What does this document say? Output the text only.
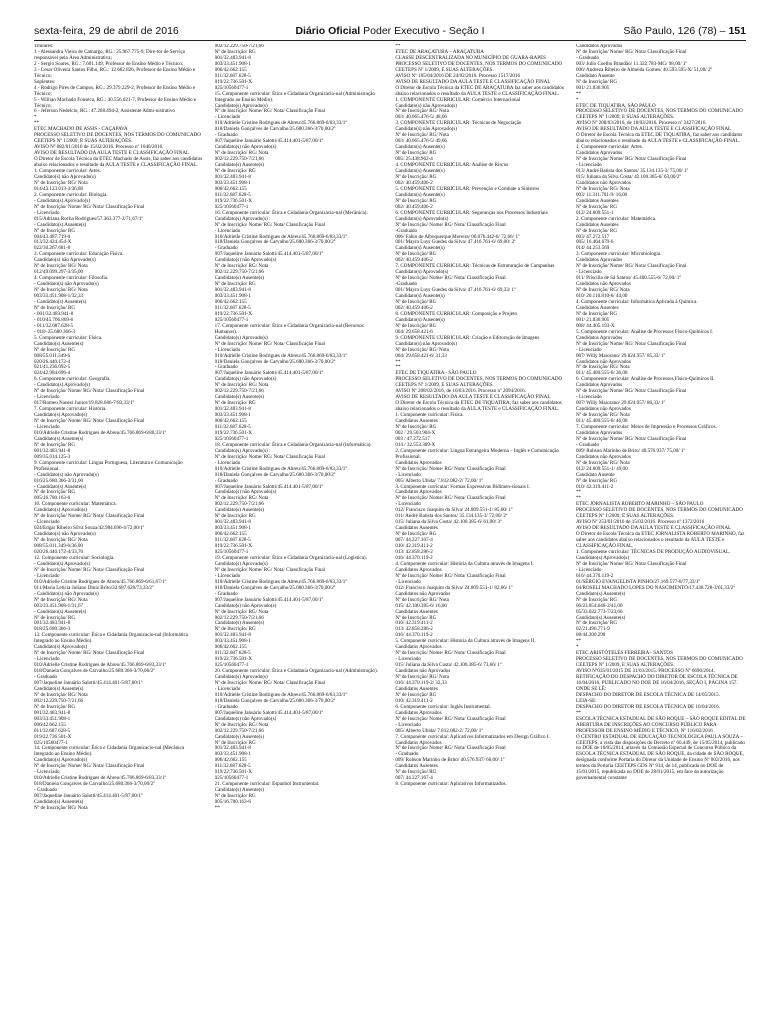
sexta-feira, 29 de abril de 2016	Diário Oficial Poder Executivo - Seção I	São Paulo, 126 (78) – 151
Titulares:
1 - Alessandra Vieira de Camargo, RG.: 25.967.775-9, Dire-tor de Serviço responsável pela Área Administrativa;
2 - Sergio Soares, RG.: 7.601.149, Professor de Ensino Médio e Técnico;
3 - Cesar Oliveira Santos Filho, RG.: 12.682.826, Professor de Ensino Médio e Técnico;
Suplentes:
4 - Rodrigo Pires de Campos, RG.: 29.379.229-2, Professor de Ensino Médio e Técnico;
5 - Willian Machado Fonseca, RG.: 40.556.021-7, Professor de Ensino Médio e Técnico;
6 - Jeferson Nedelciu, RG.: 47.268.494-2, Assistente Admi-nistrativo
*
**
ETEC MACHADO DE ASSIS - CAÇAPAVA
PROCESSO SELETIVO DE DOCENTES, NOS TERMOS DO COMUNICADO CEETEPS Nº 1/2009, E SUAS ALTERAÇÕES.
AVISO Nº 082/01/2016 de 15/02/2016. Processo nº 1040/2016.
AVISO DE RESULTADO DA AULA TESTE E CLASSIFICAÇÃO FINAL
O Diretor de Escola Técnica da ETEC Machado de Assis, faz saber aos candidatos abaixo relacionados o resultado da AULA TESTE e CLASSIFICAÇÃO FINAL.
1. Componente curricular: Artes.
Candidato(s) não Aprovado(s)
Nº de Inscrição/ RG/ Nota
014/43.123.013-3/36,86
2. Componente curricular: Biologia.
- Candidato(s) Aprovado(s)
Nº de Inscrição/ Nome/ RG/ Nota/ Classificação Final
- Licenciado
015/Adriana Rocha Rodrigues/57.363.377-2/71,67/1º
- Candidato(s) Ausente(s)
Nº de Inscrição/ RG
004/43.487.719-0
013/32.424.454-X
022/30.267.681-8
3. Componente curricular: Educação Física.
Candidato(s) não Aprovado(s)
Nº de Inscrição/ RG/ Nota
012/49.099.297-3/35,00
4. Componente curricular: Filosofia.
- Candidato(s) não Aprovado(s)
Nº de Inscrição/ RG/ Nota
003/33.451.908-1/32,33
- Candidato(s) Ausente(s)
Nº de Inscrição/ RG
- 001/32.483.941-8
- 010/45.766.869-6
- 011/32.687.628-5
- 018/-25.680.366-3
5. Componente curricular: Física.
Candidato(s) Ausente(s)
Nº de Inscrição/ RG
008/55.011.349-6
020/26.440.172-4
021/41.236.092-5
024/42.984.696-4
6. Componente curricular: Geografia.
- Candidato(s) Aprovado(s)
Nº de Inscrição/ Nome/ RG/ Nota/ Classificação Final
- Licenciado
017/Romeu Nanesi Junior/19.828.686-7/83,33/1º
7. Componente curricular: História.
Candidato(s) Aprovado(s)
Nº de Inscrição/ Nome/ RG/ Nota/ Classificação Final
- Licenciado
010/Adrielle Cristine Rodrigues de Abreu/45.766.869-6/86,33/1º
Candidato(s) Ausente(s)
Nº de Inscrição/ RG
001/32.483.941-8
009/35.014.125-3
9. Componente curricular: Língua Portuguesa, Literatura e Comunicação Profissional.
- Candidato(s) não Aprovado(s)
016/25.680.366-3/31,00
- Candidato(s) Ausente(s)
Nº de Inscrição/ RG
005/16.780.163-6
10. Componente curricular: Matemática.
Candidato(s) Aprovado(s)
Nº de Inscrição/ Nome/ RG/ Nota/ Classificação Final
- Licenciado
024/Edgar Ribeiro Silva Souza/42.984.696-4/72,00/1º
Candidato(s) não Aprovado(s)
Nº de Inscrição/ RG/ Nota
008/55.011.349-6/36,00
020/26.440.172-4/33,70
12. Componente curricular: Sociologia.
- Candidato(s) Aprovado(s)
Nº de Inscrição/ Nome/ RG/ Nota/ Classificação Final
- Licenciado
010/Adrielle Cristine Rodrigues de Abreu/45.766.869-6/61,67/1º
011/Maria Leticia Juliano Diniz Brito/32.687.628/73,33/2º
- Candidato(s) não Aprovado(s)
Nº de Inscrição/ RG/ Nota
003/33.451.908-1/31,67
- Candidato(s) Ausente(s)
Nº de Inscrição/ RG
001/32.483.941-8
018/25.680.366-3
13. Componente curricular: Ética e Cidadania Organizacio-nal (Informática Integrado ao Ensino Médio).
Candidato(s) Aprovado(s)
Nº de Inscrição/ Nome/ RG/ Nota/ Classificação Final
- Licenciado
010/Adrielle Cristine Rodrigues de Abreu/45.766.869-6/83,33/1º
018/Daniela Gonçalves de Carvalho/25.680.366-3/70,00/2º
- Graduado
007/Jaqueline Januário Salotti/45.414.401-5/87,00/1º
Candidato(s) Ausente(s)
Nº de Inscrição/ RG/ Nota
002/12.229.750-7/21,66
Nº de Inscrição/ RG
001/32.483.941-8
003/33.451.908-1
006/42.662.155
011/32.687.628-5
019/22.736.501-X
025/10560477-1
14. Componente curricular: Ética e Cidadania Organizacio-nal (Mecânica Integrado ao Ensino Médio).
Candidato(s) Aprovado(s)
Nº de Inscrição/ Nome/ RG/ Nota/ Classificação Final
- Licenciado
010/Adrielle Cristine Rodrigues de Abreu/45.766.869-6/83,33/1º
018/Daniela Gonçalves de Carvalho/25.680.366-3/70,00/2º
- Graduado
007/Jaqueline Januário Salotti/45.414.401-5/87,00/1º
Candidato(s) Ausente(s)
Nº de Inscrição/ RG/ Nota
002/12.229.750-7/21,66
Nº de Inscrição/ RG
001/32.483.941-8
003/33.451.908-1
006/42.662.155
011/32.687.628-5
019/22.736.501-X
025/10560477-1
15. Componente curricular: Ética e Cidadania Organizacio-nal (Administração Integrado ao Ensino Médio).
Candidato(s) Aprovado(s)
Nº de Inscrição/ Nome/ RG/ Nota/ Classificação Final
- Licenciado
010/Adrielle Cristine Rodrigues de Abreu/45.766.869-6/83,33/1º
018/Daniela Gonçalves de Carvalho/25.680.366-3/70,00/2º
- Graduado
007/Jaqueline Januário Salotti/45.414.401-5/87,00/1º
Candidato(s) não Aprovado(s)
Nº de Inscrição/ RG/ Nota
002/12.229.750-7/21,66
Candidato(s) Ausente(s)
Nº de Inscrição/ RG
001/32.483.941-8
003/33.451.908-1
006/42.662.155
011/32.687.628-5
019/22.736.501-X
025/10560477-1
16. Componente curricular: Ética e Cidadania Organizacio-nal (Mecânica).
Candidato(s) Aprovado(s)
Nº de Inscrição/ Nome/ RG/ Nota/ Classificação Final
- Licenciado
010/Adrielle Cristine Rodrigues de Abreu/45.766.869-6/83,33/1º
018/Daniela Gonçalves de Carvalho/25.680.366-3/70,00/2º
- Graduado
007/Jaqueline Januário Salotti/45.414.401-5/87,00/1º
Candidato(s) não Aprovado(s)
Nº de Inscrição/ RG/ Nota
002/12.229.750-7/21,66
Candidato(s) Ausente(s)
Nº de Inscrição/ RG
001/32.483.941-8
003/33.451.908-1
006/42.662.155
011/32.687.628-5
019/22.736.501-X
025/10560477-1
17. Componente curricular: Ética e Cidadania Organizacio-nal (Recursos Humanos).
Candidato(s) Aprovado(s)
Nº de Inscrição/ Nome/ RG/ Nota/ Classificação Final
- Licenciado
010/Adrielle Cristine Rodrigues de Abreu/45.766.869-6/83,33/1º
018/Daniela Gonçalves de Carvalho/25.680.366-3/70,00/2º
- Graduado
007/Jaqueline Januário Salotti/45.414.401-5/87,00/1º
Candidato(s) não Aprovado(s)
Nº de Inscrição/ RG/ Nota
002/12.229.750-7/21,66
Candidato(s) Ausente(s)
Nº de Inscrição/ RG
001/32.483.941-8
003/33.451.908-1
006/42.662.155
011/32.687.628-5
019/22.736.501-X
025/10560477-1
18. Componente curricular: Ética e Cidadania Organizacio-nal (Informática).
Candidato(s) Aprovado(s)
Nº de Inscrição/ Nome/ RG/ Nota/ Classificação Final
- Licenciado
010/Adrielle Cristine Rodrigues de Abreu/45.766.869-6/83,33/1º
018/Daniela Gonçalves de Carvalho/25.680.366-3/70,00/2º
- Graduado
007/Jaqueline Januário Salotti/45.414.401-5/87,00/1º
Candidato(s) não Aprovado(s)
Nº de Inscrição/ RG/ Nota
002/12.229.750-7/21,66
Candidato(s) Ausente(s)
Nº de Inscrição/ RG
001/32.483.941-8
003/33.451.908-1
006/42.662.155
011/32.687.628-5
019/22.736.501-X
025/10560477-1
19. Componente curricular: Ética e Cidadania Organizacio-nal (Logística).
Candidato(s) Aprovado(s)
Nº de Inscrição/ Nome/ RG/ Nota/ Classificação Final
- Licenciado
010/Adrielle Cristine Rodrigues de Abreu/45.766.869-6/83,33/1º
018/Daniela Gonçalves de Carvalho/25.680.366-3/70,00/2º
- Graduado
007/Jaqueline Januário Salotti/45.414.401-5/87,00/1º
Candidato(s) não Aprovado(s)
Nº de Inscrição/ RG/ Nota
002/12.229.750-7/21,66
Candidato(s) Ausente(s)
Nº de Inscrição/ RG
001/32.483.941-8
003/33.451.908-1
006/42.662.155
011/32.687.628-5
019/22.736.501-X
025/10560477-1
20. Componente curricular: Ética e Cidadania Organizacio-nal (Administração).
Candidato(s) Aprovado(s)
Nº de Inscrição/ Nome/ RG/ Nota/ Classificação Final
- Licenciado
010/Adrielle Cristine Rodrigues de Abreu/45.766.869-6/83,33/1º
018/Daniela Gonçalves de Carvalho/25.680.366-3/70,00/2º
- Graduado
007/Jaqueline Januário Salotti/45.414.401-5/87,00/1º
Candidato(s) não Aprovado(s)
Nº de Inscrição/ RG/ Nota
002/12.229.750-7/21,66
Candidato(s) Ausente(s)
Nº de Inscrição/ RG
001/32.483.941-8
003/33.451.908-1
006/42.662.155
011/32.687.628-5
019/22.736.501-X
025/10560477-1
21. Componente curricular: Espanhol Instrumental.
Candidato(s) Ausente(s)
Nº de Inscrição/ RG
005/16.780.163-6
**
**
ETEC DE ARAÇATUBA – ARAÇATUBA
CLASSE DESCENTRALIZADA NO MUNICÍPIO DE GUARA-RAPES
PROCESSO SELETIVO DE DOCENTES, NOS TERMOS DO COMUNICADO CEETEPS Nº 1/2009, E SUAS ALTERAÇÕES.
AVISO Nº 185/04/2016 DE 24/02/2016. Processo 1517/2016
AVISO DE RESULTADO DA AULA TESTE E CLASSIFICAÇÃO FINAL
O Diretor de Escola Técnica da ETEC DE ARAÇATUBA faz saber aos candidatos abaixo relacionados o resultado da AULA TESTE e CLASSIFICAÇÃO FINAL.
1. COMPONENTE CURRICULAR: Comércio Internacional
Candidato(s) não Aprovado(s)
Nº de Inscrição/ RG/ Nota
003/ 40.665.476-5/ 48,66
3. COMPONENTE CURRICULAR: Técnicas de Negociação
Candidato(s) não Aprovado(s)
Nº de Inscrição/ RG/ Nota
003/ 40.665.476-5/ 49,66
Candidato(s) Ausente(s)
Nº de Inscrição/ RG
005/ 25.438.962-4
4. COMPONENTE CURRICULAR: Análise de Riscos
Candidato(s) Ausente(s)
Nº de Inscrição/ RG
002/ 40.459.406-2
5. COMPONENTE CURRICULAR: Prevenção e Combate a Sinistros
Candidato(s) Ausente(s)
Nº de Inscrição/ RG
002/ 40.459.406-2
6. COMPONENTE CURRICULAR: Seguranças nos Processos Industriais
Candidato(s) Aprovado(s)
Nº de Inscrição/ Nome/ RG/ Nota/ Classificação Final
-Graduado
006/ Fabio de Albuquerque Moreira/ 00.076.442-6/ 72,66/ 1º
001/ Mayra Luys Guedes da Silva/ 47.416.761-6/ 69,00/ 2º
Candidato(s) Ausente(s)
Nº de Inscrição/ RG
002/ 40.459.406-2
7. COMPONENTE CURRICULAR: Técnicas de Estruturação de Campanhas
Candidato(s) Aprovado(s)
Nº de Inscrição/ Nome/ RG/ Nota/ Classificação Final
-Graduado
001/ Mayra Luys Guedes da Silva/ 47.416.761-6/ 69,33/ 1º
Candidato(s) Ausente(s)
Nº de Inscrição/ RG
002/ 40.459.406-2
8. COMPONENTE CURRICULAR: Composição e Projeto
Candidato(s) Ausente(s)
Nº de Inscrição/ RG
004/ 29.658.421-6
9. COMPONENTE CURRICULAR: Criação e Editoração de Imagens
Candidato(s) não Aprovado(s)
Nº de Inscrição/ RG/ Nota
004/ 29.658.421-6/ 31,33
**
**
ETEC DE TIQUATIRA - SÃO PAULO
PROCESSO SELETIVO DE DOCENTES, NOS TERMOS DO COMUNICADO CEETEPS Nº 1/2009, E SUAS ALTERAÇÕES.
AVISO Nº 208/02/2016, de 16/03/2016. Processo nº 2094/2016.
AVISO DE RESULTADO DA AULA TESTE E CLASSIFICAÇÃO FINAL
O Diretor de Escola Técnica da ETEC DE TIQUATIRA, faz saber aos candidatos abaixo relacionados o resultado da AULA TESTE e CLASSIFICAÇÃO FINAL.
1. Componente curricular: Física.
Candidatos Ausentes
Nº de Inscrição/ RG
002 / 29.503.904-X
003 / 47.272.517
014 / 32.553.309-X
2. Componente curricular: Língua Estrangeira Moderna – Inglês e Comunicação Profissional.
Candidatos Aprovados
Nº de Inscrição/ Nome/ RG/ Nota/ Classificação Final
- Licenciado
005/ Alberto Ubida/ 7.812.082-2/ 72,00/ 1º
3. Componente curricular: Formas Expressivas Bidimen-sionais I.
Candidatos Aprovados
Nº de Inscrição/ Nome/ RG/ Nota/ Classificação Final
- Licenciado
012/ Francisco Joaquim da Silva/ 24.809.551-1/ 85,00/ 1º
011/ André Batista dos Santos/ 35.134.135-3/ 72,00/ 2º
015/ Juliana da Silva Costa/ 42.100.385-6/ 61,00/ 3º
Candidatos Ausentes
Nº de Inscrição/ RG
007/ 44.227.107-4
010/ 42.319.411-2
013/ 42.858.286-2
016/ 44.370.119-2
4. Componente curricular: História da Cultura através de Imagens I.
Candidatos Aprovados
Nº de Inscrição/ Nome/ RG/ Nota/ Classificação Final
- Licenciado
012/ Francisco Joaquim da Silva/ 24.809.551-1/ 82,66/ 1º
Candidatos não Aprovados
Nº de Inscrição/ RG/ Nota
015/ 42.100.385-6/ 16,00
Candidatos Ausentes
Nº de Inscrição/ RG
010/ 42.319.411-2
013/ 42.858.286-2
016/ 44.370.119-2
5. Componente curricular: História da Cultura através de Imagens II.
Candidatos Aprovados
Nº de Inscrição/ Nome/ RG/ Nota/ Classificação Final
- Licenciado
015/ Juliana da Silva Costa/ 42.100.385-6/ 73,66/ 1º
Candidatos não Aprovados
Nº de Inscrição/ RG/ Nota
016/ 44.370.119-2/ 32,33
Candidatos Ausentes
Nº de Inscrição/ RG
010/ 42.319.411-2
6. Componente curricular: Inglês Instrumental.
Candidatos Aprovados
Nº de Inscrição/ Nome/ RG/ Nota/ Classificação Final
- Licenciado
005/ Alberto Ubida/ 7.812.082-2/ 72,00/ 1º
7. Componente curricular: Aplicativos Informatizados em Design Gráfico I.
Candidatos Aprovados
Nº de Inscrição/ Nome/ RG/ Nota/ Classificação Final
- Graduado
009/ Robson Marinho de Brito/ 40.576.937/ 60,00/ 1º
Candidatos Ausentes
Nº de Inscrição/ RG
007/ 44.227.107-4
8. Componente curricular: Aplicativos Informatizados.
Candidatos Aprovados
Nº de Inscrição/ Nome/ RG/ Nota/ Classificação Final
- Graduado
003/ Julio Coelho Brandão/ 11.322.783-MG/ 98,00/ 1º
006/ Andreza Ribeiro de Almeida Gomes/ 40.593.595-X/ 51,00/ 2º
Candidato Ausente
Nº de Inscrição/ RG
001/ 21.836.905
**
*
ETEC DE TIQUATIRA, SÃO PAULO
PROCESSO SELETIVO DE DOCENTES, NOS TERMOS DO COMUNICADO CEETEPS Nº 1/2009, E SUAS ALTERAÇÕES.
AVISO Nº 208/03/2016, de 18/03/2016. Processo nº 2427/2016.
AVISO DE RESULTADO DA AULA TESTE E CLASSIFICAÇÃO FINAL
O Diretor de Escola Técnica da ETEC DE TIQUATIRA, faz saber aos candidatos abaixo relacionados o resultado da AULA TESTE e CLASSIFICAÇÃO FINAL.
1. Componente curricular: Artes.
Candidatos Aprovados
Nº de Inscrição/ Nome/ RG/ Nota/ Classificação Final
- Licenciado
013/ André Batista dos Santos/ 35.134.135-3/ 75,00/ 1º
015/ Juliana da Silva Costa/ 42.100.385-6/ 63,00/2º
Candidatos não Aprovados
Nº de Inscrição/ RG/ Nota
003/ 11.311.701-9/ 16,00
Candidatos Ausentes
Nº de Inscrição/ RG
012/ 24.809.551-1
2. Componente curricular: Matemática.
Candidatos Ausentes
Nº de Inscrição/ RG
003/ 47.272.517
005/ 16.464.679-6
014/ 44.253.569
3. Componente curricular: Microbiologia.
Candidatos Aprovados
Nº de Inscrição/ Nome/ RG/ Nota/ Classificação Final
- Licenciado
011/ Priscilla de Sá Santos/ 45.400.555-6/ 72,00/ 1º
Candidatos não Aprovados
Nº de Inscrição/ RG/ Nota
010/ 20.110.810-6/ 44,00
4. Componente curricular: Informática Aplicada à Química.
Candidatos Ausentes
Nº de Inscrição/ RG
001/ 21.836.905
008/ 44.405.193-X
5. Componente curricular: Análise de Processos Físico-Químicos I.
Candidatos Aprovados
Nº de Inscrição/ Nome/ RG/ Nota/ Classificação Final
- Licenciado
007/ Willy Maiorano/ 29.824.957/ 85,33/ 1º
Candidatos não Aprovados
Nº de Inscrição/ RG/ Nota
011/ 45.400.555-6/ 36,00
6. Componente curricular: Análise de Processos Físico-Químicos II.
Candidatos Aprovados
Nº de Inscrição/ Nome/ RG/ Nota/ Classificação Final
- Licenciado
007/ Willy Maiorano/ 29.824.957/ 80,33/ 1º
Candidatos não Aprovados
Nº de Inscrição/ RG/ Nota
011/ 45.400.555-6/ 46,00
7. Componente curricular: Meios de Impressão e Processos Gráficos.
Candidatos Aprovados
Nº de Inscrição/ Nome/ RG/ Nota/ Classificação Final
- Graduado
009/ Robson Marinho de Brito/ 40.576.937/ 75,00/ 1º
Candidatos não Aprovados
Nº de Inscrição/ RG/ Nota
012/ 24.809.551-1/ 49,00
Candidato Ausente
Nº de Inscrição/ RG
010/ 42.319.411-2
**
**
ETEC JORNALISTA ROBERTO MARINHO – SÃO PAULO
PROCESSO SELETIVO DE DOCENTES, NOS TERMOS DO COMUNICADO CEETEPS Nº 1/2009, E SUAS ALTERAÇÕES.
AVISO Nº 253/01/2016 de 15/02/2016. Processo nº 1372/2016
AVISO DE RESULTADO DA AULA TESTE E CLASSIFICAÇÃO FINAL
O Diretor de Escola Técnica da ETEC JORNALISTA ROBERTO MARINHO, faz saber aos candidatos abaixo relacionados o resultado da AULA TESTE e CLASSIFICAÇÃO FINAL.
1. Componente curricular: TÉCNICAS DE PRODUÇÃO AUDIOVISUAL.
Candidato(s) Aprovado(s)
Nº de Inscrição/ Nome/ RG/ Nota/ Classificação Final
- Licenciado
016/ 44.370.119-2
01/SÉRGIO EVANGELISTA PINHO/27.169.577-8/77,33/1º
04/ROSELI MACHADO LOPES DO NASCIMENTO/17.438.728-3/61,33/2º
Candidato(s) Ausente(s)
Nº de Inscrição/ RG
06/23.854.648-2/41,00
05/33.022.773-7/23,66
Candidato(s) Ausente(s)
Nº de Inscrição/ RG
02/21.496.771-9
08/44.200.298
**
*
ETEC ARISTÓTELES FERREIRA - SANTOS
PROCESSO SELETIVO DE DOCENTES, NOS TERMOS DO COMUNICADO CEETEPS Nº 1/2009, E SUAS ALTERAÇÕES.
AVISO Nº035/01/2015 DE 31/03/2015. PROCESSO Nº 6690/2014.
RETIFICAÇÃO DO DESPACHO DO DIRETOR DE ESCOLA TÉCNICA DE 16/04/2016, PUBLICADO NO DOE DE 16/04/2016, SEÇÃO I, PÁGINA 157.
ONDE SE LÊ:
DESPACHO DO DIRETOR DE ESCOLA TÉCNICA DE 14/05/2015.
LEIA-SE:
DESPACHO DO DIRETOR DE ESCOLA TÉCNICA DE 16/04/2016.
**
ESCOLA TÉCNICA ESTADUAL DE SÃO ROQUE – SÃO ROQUE EDITAL DE ABERTURA DE INSCRIÇÕES AO CONCURSO PÚBLICO PARA PROFESSOR DE ENSINO MÉDIO E TÉCNICO, Nº 116/02/2016
O CENTRO ESTADUAL DE EDUCAÇÃO TECNOLÓGICA PAULA SOUZA – CEETEPS, a vista das disposições do Decreto nº 60.449, de 15/05/2014, publicado no DOE de 16/05/2014, através da Comissão Especial de Concurso Público da ESCOLA TÉCNICA ESTADUAL DE SÃO ROQUE, da cidade de SÃO ROQUE, designada conforme Portaria do Diretor da Unidade de Ensino Nº 002/2016, nos termos da Portaria CEETEPS GDS Nº 914, de 14, publicada no DOE de 15/01/2015, republicada no DOE de 28/01/2015, em face da autorização governamental constante
